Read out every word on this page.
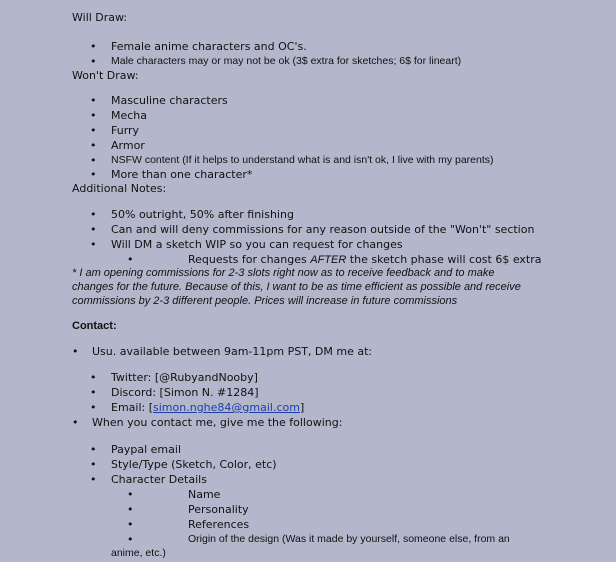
Will Draw:
• Female anime characters and OC's.
• Male characters may or may not be ok (3$ extra for sketches; 6$ for lineart)
Won't Draw:
• Masculine characters
• Mecha
• Furry
• Armor
• NSFW content (If it helps to understand what is and isn't ok, I live with my parents)
• More than one character*
Additional Notes:
• 50% outright, 50% after finishing
• Can and will deny commissions for any reason outside of the "Won't" section
• Will DM a sketch WIP so you can request for changes
•	Requests for changes AFTER the sketch phase will cost 6$ extra
* I am opening commissions for 2-3 slots right now as to receive feedback and to make
changes for the future. Because of this, I want to be as time efficient as possible and receive
commissions by 2-3 different people. Prices will increase in future commissions
Contact:
• Usu. available between 9am-11pm PST, DM me at:
• Twitter: [@RubyandNooby]
• Discord: [Simon N. #1284]
• Email: [simon.nghe84@gmail.com]
• When you contact me, give me the following:
• Paypal email
• Style/Type (Sketch, Color, etc)
• Character Details
•	Name
•	Personality
•	References
•	Origin of the design (Was it made by yourself, someone else, from an
anime, etc.)
